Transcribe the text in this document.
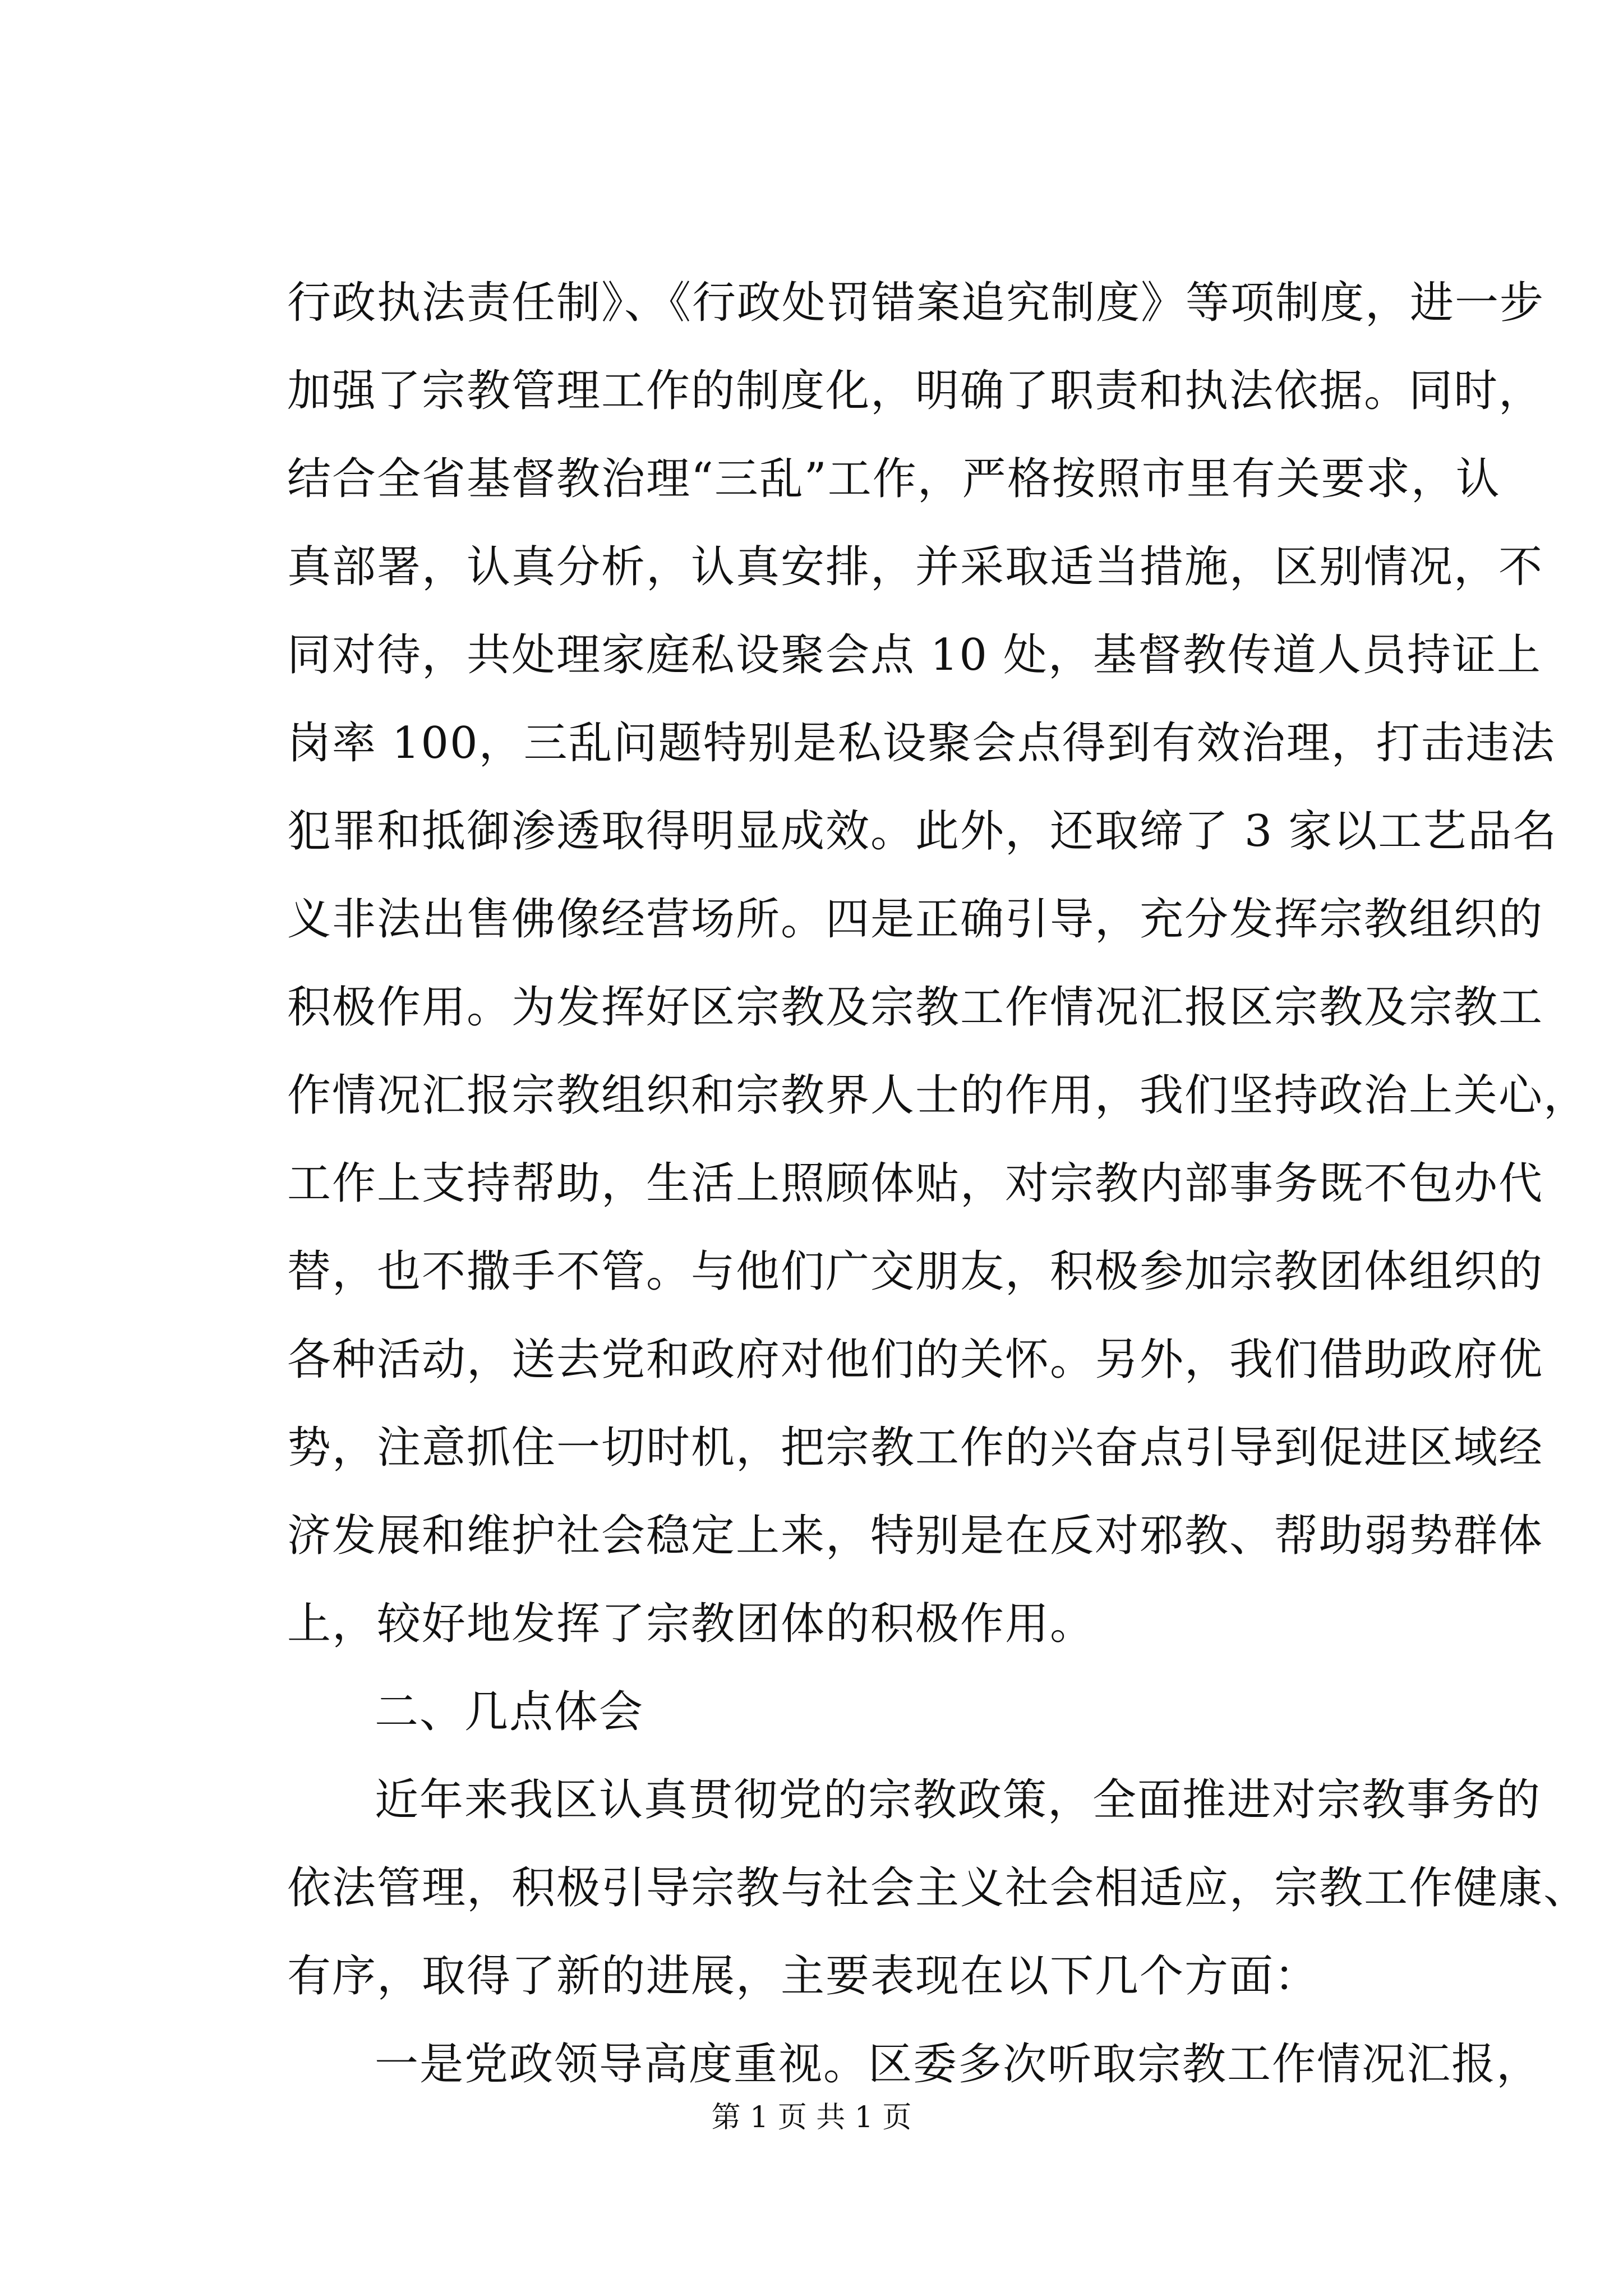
行政执法责任制》、《行政处罚错案追究制度》等项制度，进一步
加强了宗教管理工作的制度化，明确了职责和执法依据。同时，
结合全省基督教治理“三乱”工作，严格按照市里有关要求，认
真部署，认真分析，认真安排，并采取适当措施，区别情况，不
同对待，共处理家庭私设聚会点 10 处，基督教传道人员持证上
岗率 100，三乱问题特别是私设聚会点得到有效治理，打击违法
犯罪和抵御渗透取得明显成效。此外，还取缔了 3 家以工艺品名
义非法出售佛像经营场所。四是正确引导，充分发挥宗教组织的
积极作用。为发挥好区宗教及宗教工作情况汇报区宗教及宗教工
作情况汇报宗教组织和宗教界人士的作用，我们坚持政治上关心，
工作上支持帮助，生活上照顾体贴，对宗教内部事务既不包办代
替，也不撒手不管。与他们广交朋友，积极参加宗教团体组织的
各种活动，送去党和政府对他们的关怀。另外，我们借助政府优
势，注意抓住一切时机，把宗教工作的兴奋点引导到促进区域经
济发展和维护社会稳定上来，特别是在反对邪教、帮助弱势群体
上，较好地发挥了宗教团体的积极作用。
二、几点体会
近年来我区认真贯彻党的宗教政策，全面推进对宗教事务的
依法管理，积极引导宗教与社会主义社会相适应，宗教工作健康、
有序，取得了新的进展，主要表现在以下几个方面：
一是党政领导高度重视。区委多次听取宗教工作情况汇报，
第 1 页 共 1 页
